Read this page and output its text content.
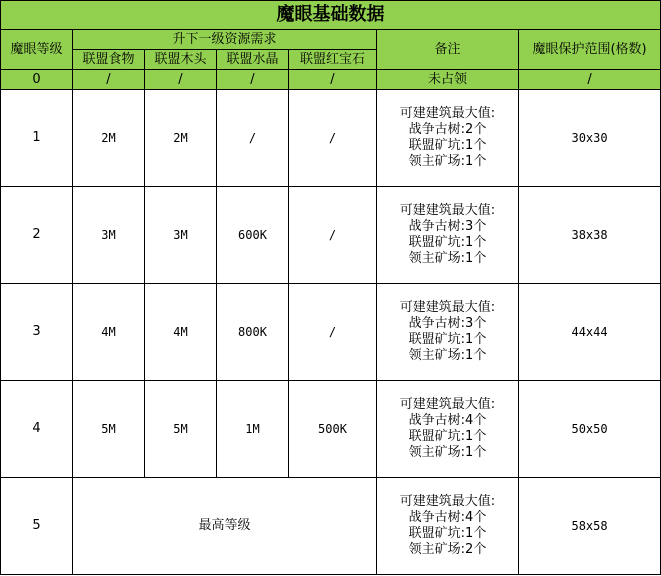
魔眼基础数据						
魔眼等级	升下一级资源需求				备注	魔眼保护范围(格数)
	联盟食物	联盟木头	联盟水晶	联盟红宝石		
0	/	/	/	/	未占领	/
1	2M	2M	/	/	可建建筑最大值:
战争古树:2个
联盟矿坑:1个
领主矿场:1个	30x30
2	3M	3M	600K	/	可建建筑最大值:
战争古树:3个
联盟矿坑:1个
领主矿场:1个	38x38
3	4M	4M	800K	/	可建建筑最大值:
战争古树:3个
联盟矿坑:1个
领主矿场:1个	44x44
4	5M	5M	1M	500K	可建建筑最大值:
战争古树:4个
联盟矿坑:1个
领主矿场:1个	50x50
5	最高等级				可建建筑最大值:
战争古树:4个
联盟矿坑:1个
领主矿场:2个	58x58
